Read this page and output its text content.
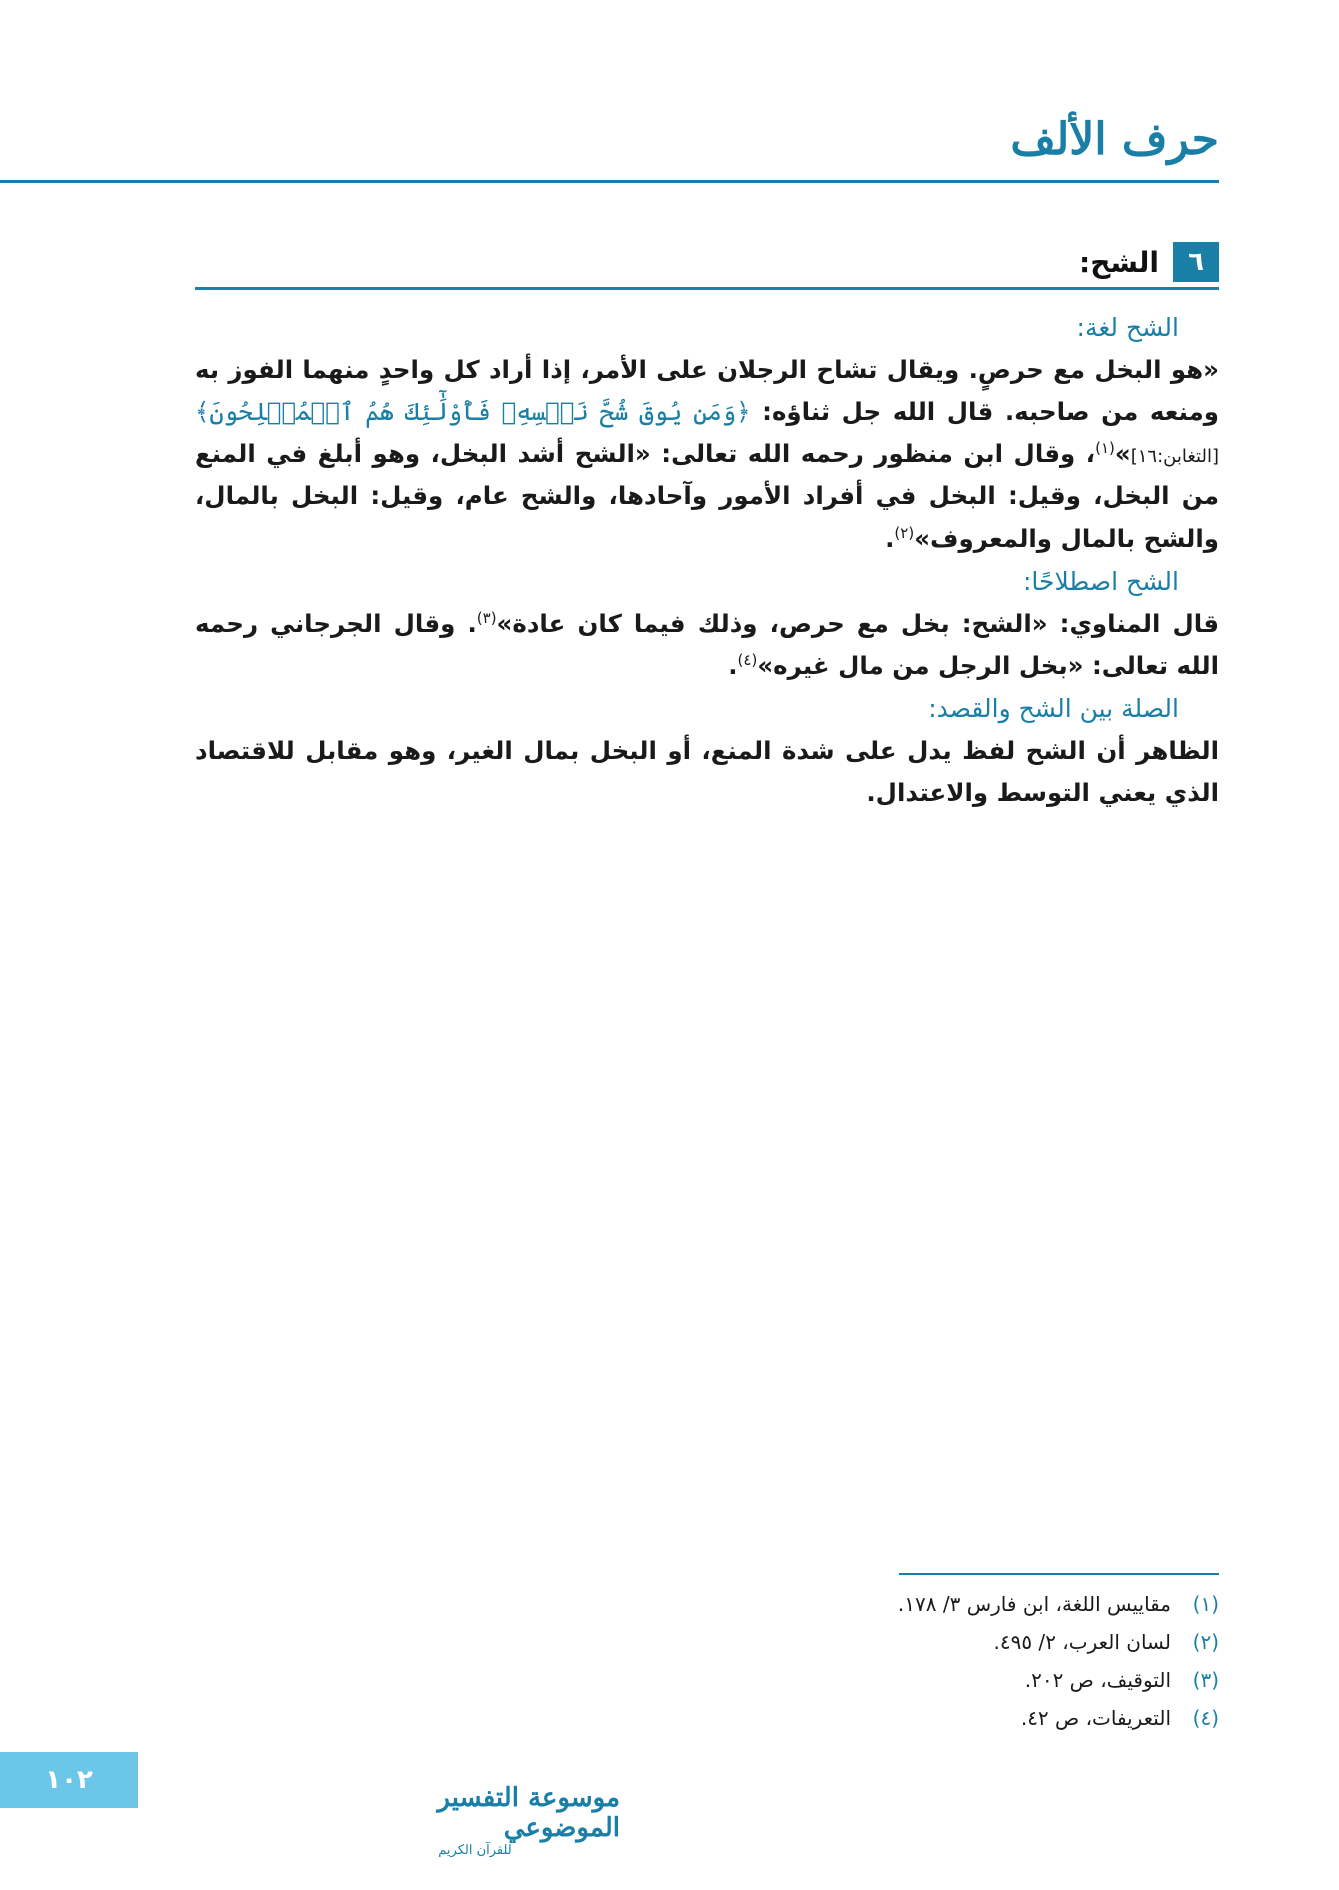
حرف الألف
٦
الشح:

الشح لغة:

«هو البخل مع حرصٍ. ويقال تشاح الرجلان على الأمر، إذا أراد كل واحدٍ منهما الفوز به ومنعه من صاحبه. قال الله جل ثناؤه: ﴿وَمَن يُوقَ شُحَّ نَفۡسِهِۦ فَأُوْلَٰٓئِكَ هُمُ ٱلۡمُفۡلِحُونَ﴾ [التغابن:١٦]»$^{(١)}$، وقال ابن منظور رحمه الله تعالى: «الشح أشد البخل، وهو أبلغ في المنع من البخل، وقيل: البخل في أفراد الأمور وآحادها، والشح عام، وقيل: البخل بالمال، والشح بالمال والمعروف»$^{(٢)}$.

الشح اصطلاحًا:

قال المناوي: «الشح: بخل مع حرص، وذلك فيما كان عادة»$^{(٣)}$. وقال الجرجاني رحمه الله تعالى: «بخل الرجل من مال غيره»$^{(٤)}$.

الصلة بين الشح والقصد:

الظاهر أن الشح لفظ يدل على شدة المنع، أو البخل بمال الغير، وهو مقابل للاقتصاد الذي يعني التوسط والاعتدال.

(١)
مقاييس اللغة، ابن فارس ٣/ ١٧٨.
(٢)
لسان العرب، ٢/ ٤٩٥.
(٣)
التوقيف، ص ٢٠٢.
(٤)
التعريفات، ص ٤٢.
موسوعة التفسير الموضوعي
للقرآن الكريم
١٠٢
